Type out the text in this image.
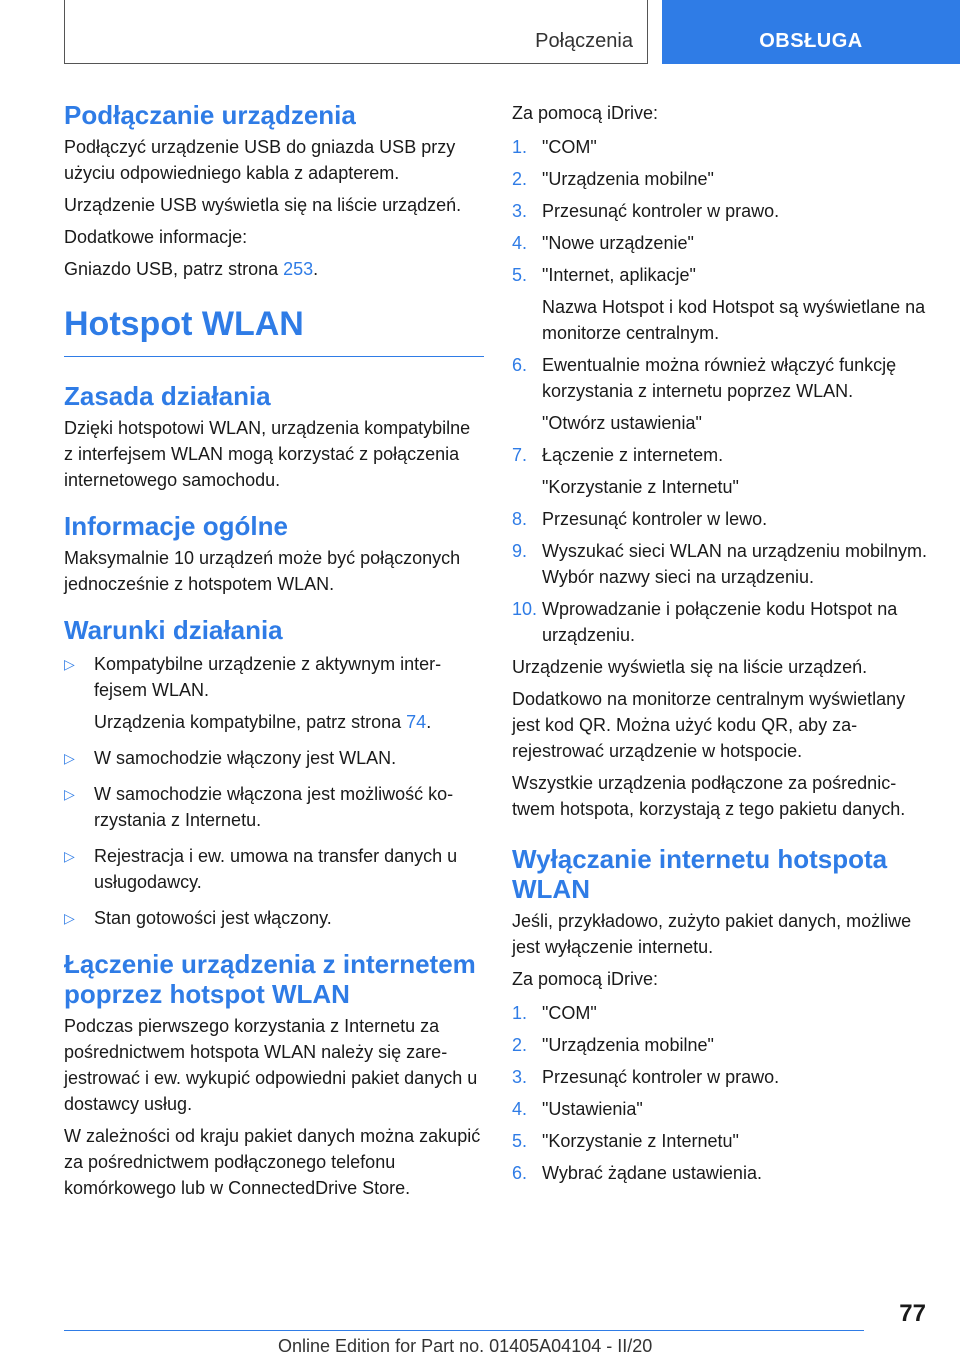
Połączenia	OBSŁUGA
Podłączanie urządzenia

Podłączyć urządzenie USB do gniazda USB przy użyciu odpowiedniego kabla z adapterem.

Urządzenie USB wyświetla się na liście urządzeń.

Dodatkowe informacje:

Gniazdo USB, patrz strona 253.

Hotspot WLAN
Zasada działania

Dzięki hotspotowi WLAN, urządzenia kompatybilne z interfejsem WLAN mogą korzystać z połączenia internetowego samochodu.

Informacje ogólne

Maksymalnie 10 urządzeń może być połączonych jednocześnie z hotspotem WLAN.

Warunki działania
▷ Kompatybilne urządzenie z aktywnym interfejsem WLAN.
Urządzenia kompatybilne, patrz strona 74.
▷ W samochodzie włączony jest WLAN.
▷ W samochodzie włączona jest możliwość korzystania z Internetu.
▷ Rejestracja i ew. umowa na transfer danych u usługodawcy.
▷ Stan gotowości jest włączony.
Łączenie urządzenia z internetem poprzez hotspot WLAN

Podczas pierwszego korzystania z Internetu za pośrednictwem hotspota WLAN należy się zarejestrować i ew. wykupić odpowiedni pakiet danych u dostawcy usług.

W zależności od kraju pakiet danych można zakupić za pośrednictwem podłączonego telefonu komórkowego lub w ConnectedDrive Store.

Za pomocą iDrive:

1. "COM"
2. "Urządzenia mobilne"
3. Przesunąć kontroler w prawo.
4. "Nowe urządzenie"
5. "Internet, aplikacje"
Nazwa Hotspot i kod Hotspot są wyświetlane na monitorze centralnym.
6. Ewentualnie można również włączyć funkcję korzystania z internetu poprzez WLAN.
"Otwórz ustawienia"
7. Łączenie z internetem.
"Korzystanie z Internetu"
8. Przesunąć kontroler w lewo.
9. Wyszukać sieci WLAN na urządzeniu mobilnym. Wybór nazwy sieci na urządzeniu.
10. Wprowadzanie i połączenie kodu Hotspot na urządzeniu.

Urządzenie wyświetla się na liście urządzeń.

Dodatkowo na monitorze centralnym wyświetlany jest kod QR. Można użyć kodu QR, aby zarejestrować urządzenie w hotspocie.

Wszystkie urządzenia podłączone za pośrednictwem hotspota, korzystają z tego pakietu danych.

Wyłączanie internetu hotspota WLAN

Jeśli, przykładowo, zużyto pakiet danych, możliwe jest wyłączenie internetu.

Za pomocą iDrive:

1. "COM"
2. "Urządzenia mobilne"
3. Przesunąć kontroler w prawo.
4. "Ustawienia"
5. "Korzystanie z Internetu"
6. Wybrać żądane ustawienia.
77
Online Edition for Part no. 01405A04104 - II/20
